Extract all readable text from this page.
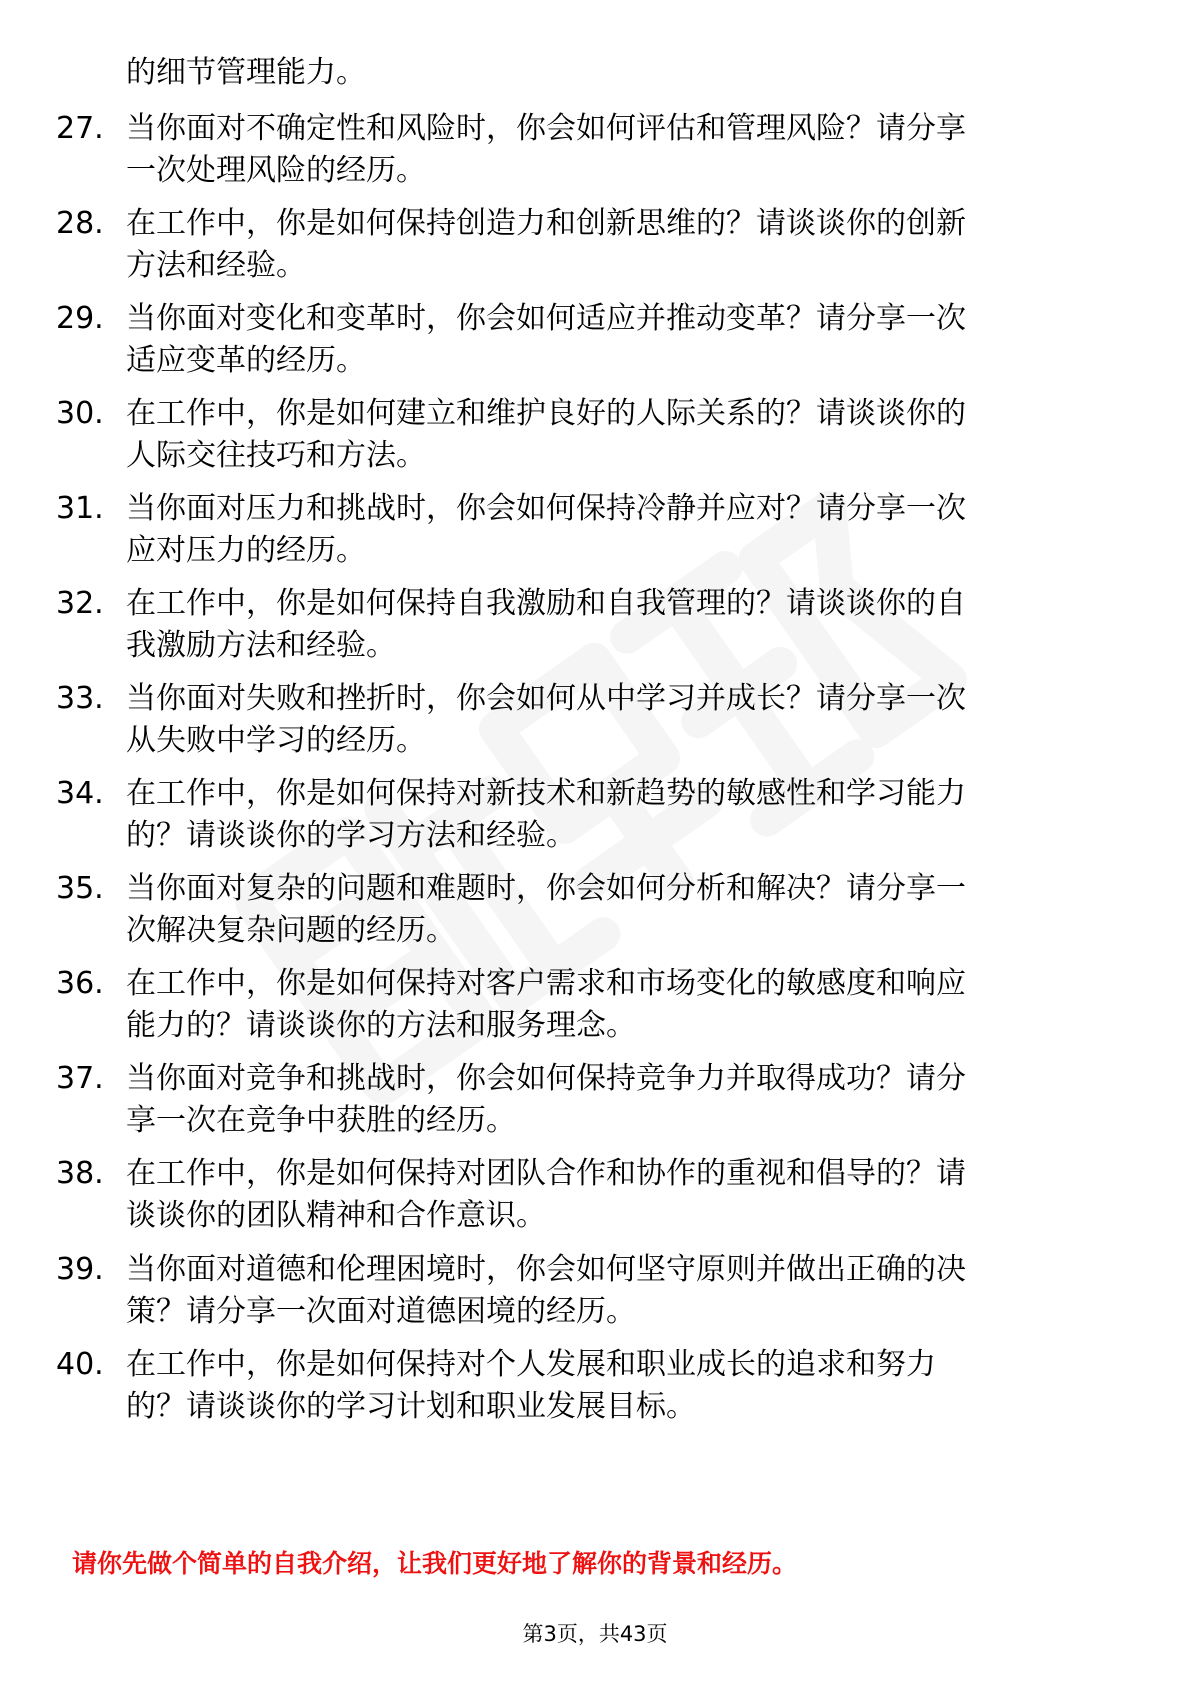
的细节管理能力。
27. 当你面对不确定性和风险时，你会如何评估和管理风险？请分享
一次处理风险的经历。
28. 在工作中，你是如何保持创造力和创新思维的？请谈谈你的创新
方法和经验。
29. 当你面对变化和变革时，你会如何适应并推动变革？请分享一次
适应变革的经历。
30. 在工作中，你是如何建立和维护良好的人际关系的？请谈谈你的
人际交往技巧和方法。
31. 当你面对压力和挑战时，你会如何保持冷静并应对？请分享一次
应对压力的经历。
32. 在工作中，你是如何保持自我激励和自我管理的？请谈谈你的自
我激励方法和经验。
33. 当你面对失败和挫折时，你会如何从中学习并成长？请分享一次
从失败中学习的经历。
34. 在工作中，你是如何保持对新技术和新趋势的敏感性和学习能力
的？请谈谈你的学习方法和经验。
35. 当你面对复杂的问题和难题时，你会如何分析和解决？请分享一
次解决复杂问题的经历。
36. 在工作中，你是如何保持对客户需求和市场变化的敏感度和响应
能力的？请谈谈你的方法和服务理念。
37. 当你面对竞争和挑战时，你会如何保持竞争力并取得成功？请分
享一次在竞争中获胜的经历。
38. 在工作中，你是如何保持对团队合作和协作的重视和倡导的？请
谈谈你的团队精神和合作意识。
39. 当你面对道德和伦理困境时，你会如何坚守原则并做出正确的决
策？请分享一次面对道德困境的经历。
40. 在工作中，你是如何保持对个人发展和职业成长的追求和努力
的？请谈谈你的学习计划和职业发展目标。
请你先做个简单的自我介绍，让我们更好地了解你的背景和经历。
第3页，共43页
